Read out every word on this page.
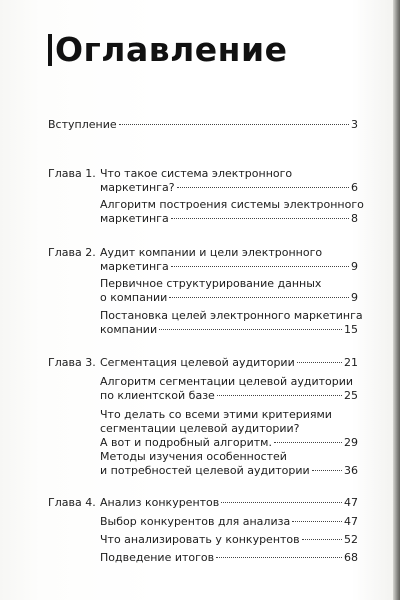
Оглавление
Вступление	3
Глава 1. Что такое система электронного
маркетинга?	6
Алгоритм построения системы электронного
маркетинга	8
Глава 2. Аудит компании и цели электронного
маркетинга	9
Первичное структурирование данных
о компании	9
Постановка целей электронного маркетинга
компании	15
Глава 3. Сегментация целевой аудитории	21
Алгоритм сегментации целевой аудитории
по клиентской базе	25
Что делать со всеми этими критериями
сегментации целевой аудитории?
А вот и подробный алгоритм.	29
Методы изучения особенностей
и потребностей целевой аудитории	36
Глава 4. Анализ конкурентов	47
Выбор конкурентов для анализа	47
Что анализировать у конкурентов	52
Подведение итогов	68
